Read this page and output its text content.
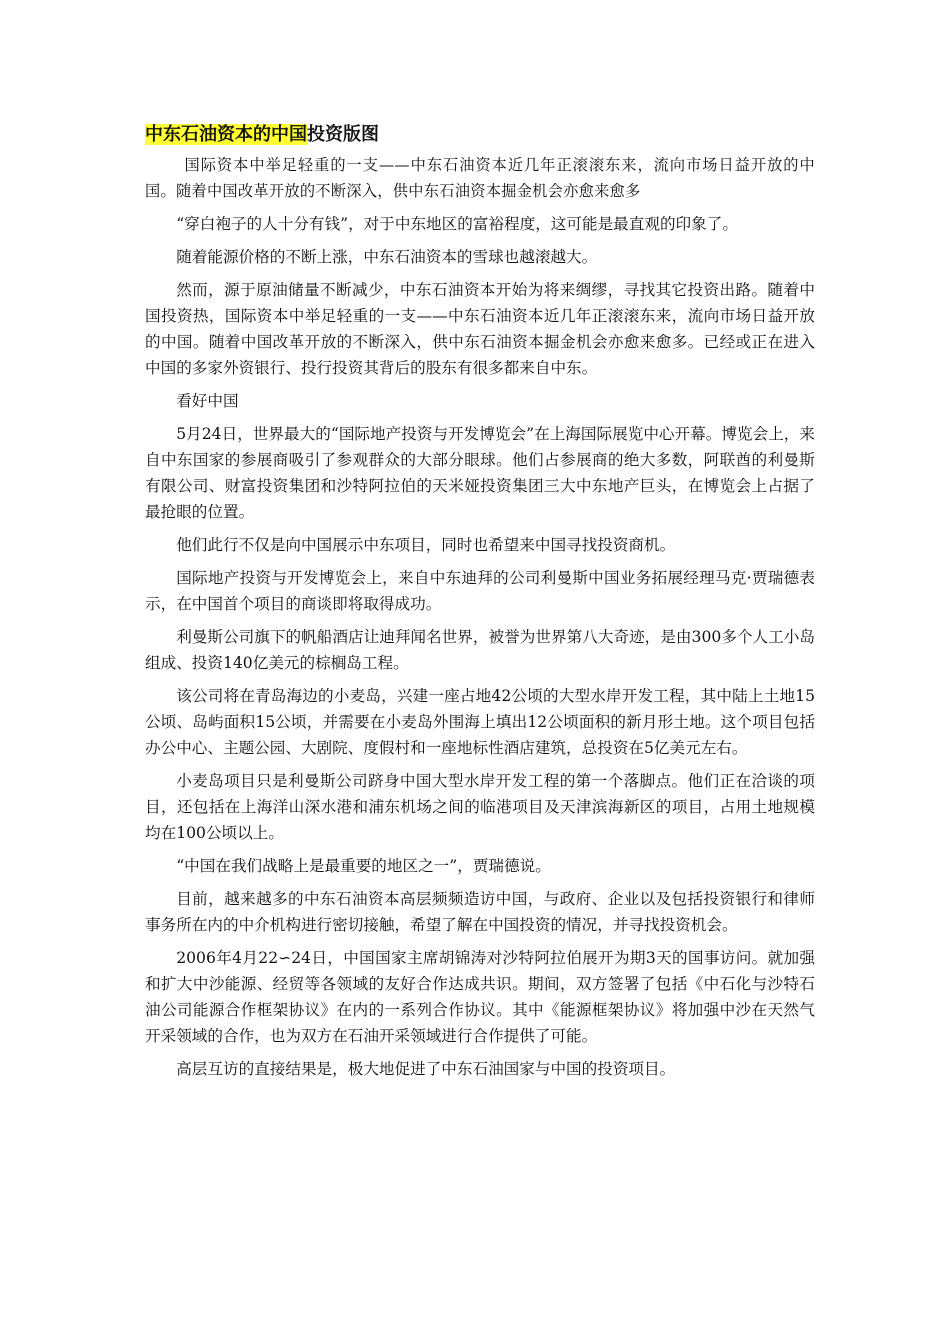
中东石油资本的中国投资版图

国际资本中举足轻重的一支——中东石油资本近几年正滚滚东来，流向市场日益开放的中国。随着中国改革开放的不断深入，供中东石油资本掘金机会亦愈来愈多

“穿白袍子的人十分有钱”，对于中东地区的富裕程度，这可能是最直观的印象了。

随着能源价格的不断上涨，中东石油资本的雪球也越滚越大。

然而，源于原油储量不断减少，中东石油资本开始为将来绸缪，寻找其它投资出路。随着中国投资热，国际资本中举足轻重的一支——中东石油资本近几年正滚滚东来，流向市场日益开放的中国。随着中国改革开放的不断深入，供中东石油资本掘金机会亦愈来愈多。已经或正在进入中国的多家外资银行、投行投资其背后的股东有很多都来自中东。

看好中国

5月24日，世界最大的“国际地产投资与开发博览会”在上海国际展览中心开幕。博览会上，来自中东国家的参展商吸引了参观群众的大部分眼球。他们占参展商的绝大多数，阿联酋的利曼斯有限公司、财富投资集团和沙特阿拉伯的天米娅投资集团三大中东地产巨头，在博览会上占据了最抢眼的位置。

他们此行不仅是向中国展示中东项目，同时也希望来中国寻找投资商机。

国际地产投资与开发博览会上，来自中东迪拜的公司利曼斯中国业务拓展经理马克·贾瑞德表示，在中国首个项目的商谈即将取得成功。

利曼斯公司旗下的帆船酒店让迪拜闻名世界，被誉为世界第八大奇迹，是由300多个人工小岛组成、投资140亿美元的棕榈岛工程。

该公司将在青岛海边的小麦岛，兴建一座占地42公顷的大型水岸开发工程，其中陆上土地15公顷、岛屿面积15公顷，并需要在小麦岛外围海上填出12公顷面积的新月形土地。这个项目包括办公中心、主题公园、大剧院、度假村和一座地标性酒店建筑，总投资在5亿美元左右。

小麦岛项目只是利曼斯公司跻身中国大型水岸开发工程的第一个落脚点。他们正在洽谈的项目，还包括在上海洋山深水港和浦东机场之间的临港项目及天津滨海新区的项目，占用土地规模均在100公顷以上。

“中国在我们战略上是最重要的地区之一”，贾瑞德说。

目前，越来越多的中东石油资本高层频频造访中国，与政府、企业以及包括投资银行和律师事务所在内的中介机构进行密切接触，希望了解在中国投资的情况，并寻找投资机会。

2006年4月22∽24日，中国国家主席胡锦涛对沙特阿拉伯展开为期3天的国事访问。就加强和扩大中沙能源、经贸等各领域的友好合作达成共识。期间，双方签署了包括《中石化与沙特石油公司能源合作框架协议》在内的一系列合作协议。其中《能源框架协议》将加强中沙在天然气开采领域的合作，也为双方在石油开采领域进行合作提供了可能。

高层互访的直接结果是，极大地促进了中东石油国家与中国的投资项目。
